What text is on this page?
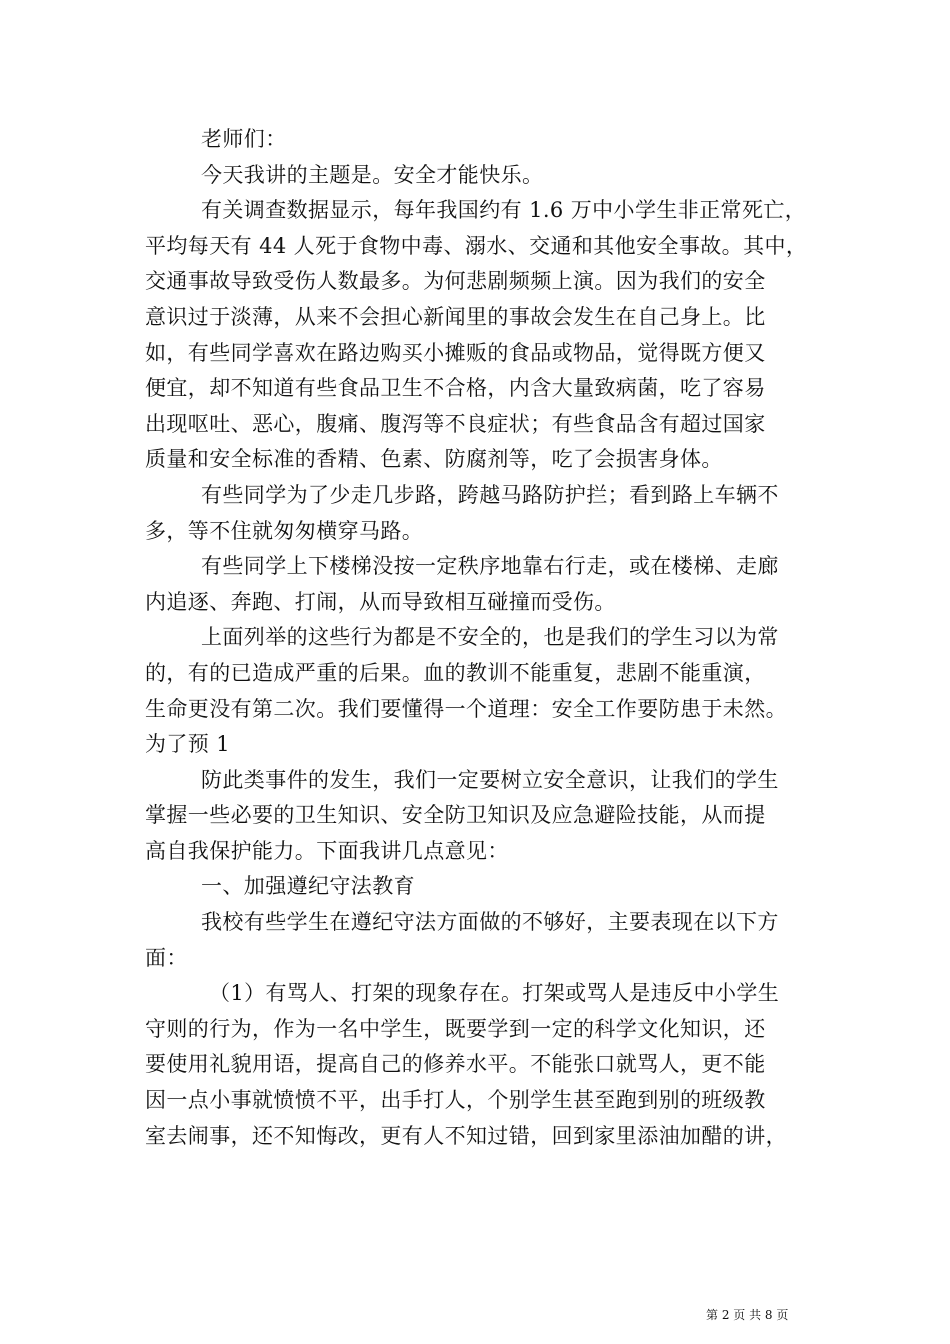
老师们：
今天我讲的主题是。安全才能快乐。
有关调查数据显示，每年我国约有 1.6 万中小学生非正常死亡，
平均每天有 44 人死于食物中毒、溺水、交通和其他安全事故。其中，
交通事故导致受伤人数最多。为何悲剧频频上演。因为我们的安全
意识过于淡薄，从来不会担心新闻里的事故会发生在自己身上。比
如，有些同学喜欢在路边购买小摊贩的食品或物品，觉得既方便又
便宜，却不知道有些食品卫生不合格，内含大量致病菌，吃了容易
出现呕吐、恶心，腹痛、腹泻等不良症状；有些食品含有超过国家
质量和安全标准的香精、色素、防腐剂等，吃了会损害身体。
有些同学为了少走几步路，跨越马路防护拦；看到路上车辆不
多，等不住就匆匆横穿马路。
有些同学上下楼梯没按一定秩序地靠右行走，或在楼梯、走廊
内追逐、奔跑、打闹，从而导致相互碰撞而受伤。
上面列举的这些行为都是不安全的，也是我们的学生习以为常
的，有的已造成严重的后果。血的教训不能重复，悲剧不能重演，
生命更没有第二次。我们要懂得一个道理：安全工作要防患于未然。
为了预 1
防此类事件的发生，我们一定要树立安全意识，让我们的学生
掌握一些必要的卫生知识、安全防卫知识及应急避险技能，从而提
高自我保护能力。下面我讲几点意见：
一、加强遵纪守法教育
我校有些学生在遵纪守法方面做的不够好，主要表现在以下方
面：
（1）有骂人、打架的现象存在。打架或骂人是违反中小学生
守则的行为，作为一名中学生，既要学到一定的科学文化知识，还
要使用礼貌用语，提高自己的修养水平。不能张口就骂人，更不能
因一点小事就愤愤不平，出手打人，个别学生甚至跑到别的班级教
室去闹事，还不知悔改，更有人不知过错，回到家里添油加醋的讲，
第 2 页 共 8 页
